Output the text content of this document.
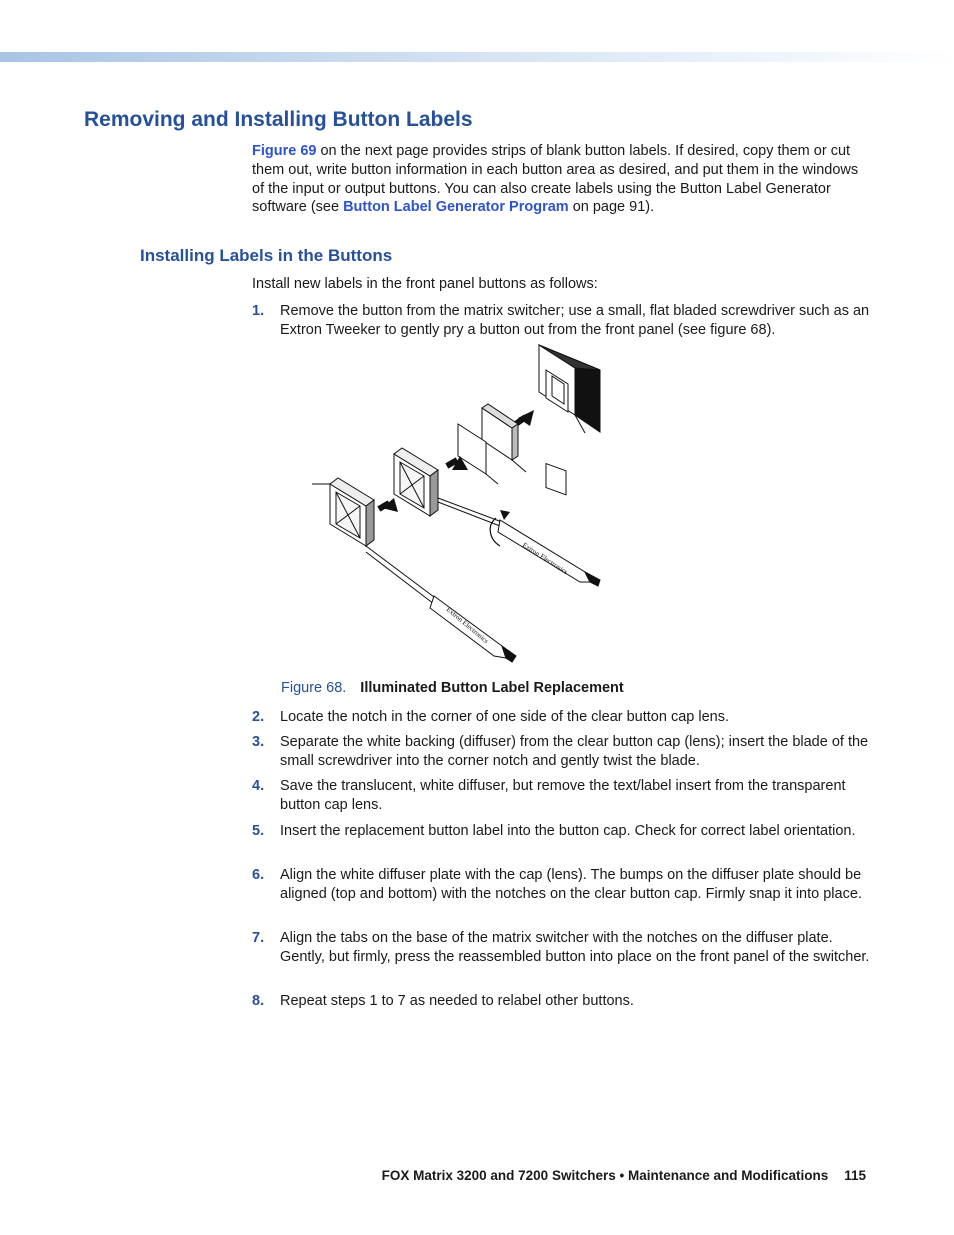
Removing and Installing Button Labels

Figure 69 on the next page provides strips of blank button labels. If desired, copy them or cut them out, write button information in each button area as desired, and put them in the windows of the input or output buttons. You can also create labels using the Button Label Generator software (see Button Label Generator Program on page 91).

Installing Labels in the Buttons

Install new labels in the front panel buttons as follows:

1. Remove the button from the matrix switcher; use a small, flat bladed screwdriver such as an Extron Tweeker to gently pry a button out from the front panel (see figure 68).
Extron Electronics
Extron Electronics

Figure 68. Illuminated Button Label Replacement

2. Locate the notch in the corner of one side of the clear button cap lens.
3. Separate the white backing (diffuser) from the clear button cap (lens); insert the blade of the small screwdriver into the corner notch and gently twist the blade.
4. Save the translucent, white diffuser, but remove the text/label insert from the transparent button cap lens.
5. Insert the replacement button label into the button cap. Check for correct label orientation.
6. Align the white diffuser plate with the cap (lens). The bumps on the diffuser plate should be aligned (top and bottom) with the notches on the clear button cap. Firmly snap it into place.
7. Align the tabs on the base of the matrix switcher with the notches on the diffuser plate. Gently, but firmly, press the reassembled button into place on the front panel of the switcher.
8. Repeat steps 1 to 7 as needed to relabel other buttons.

FOX Matrix 3200 and 7200 Switchers • Maintenance and Modifications 115
